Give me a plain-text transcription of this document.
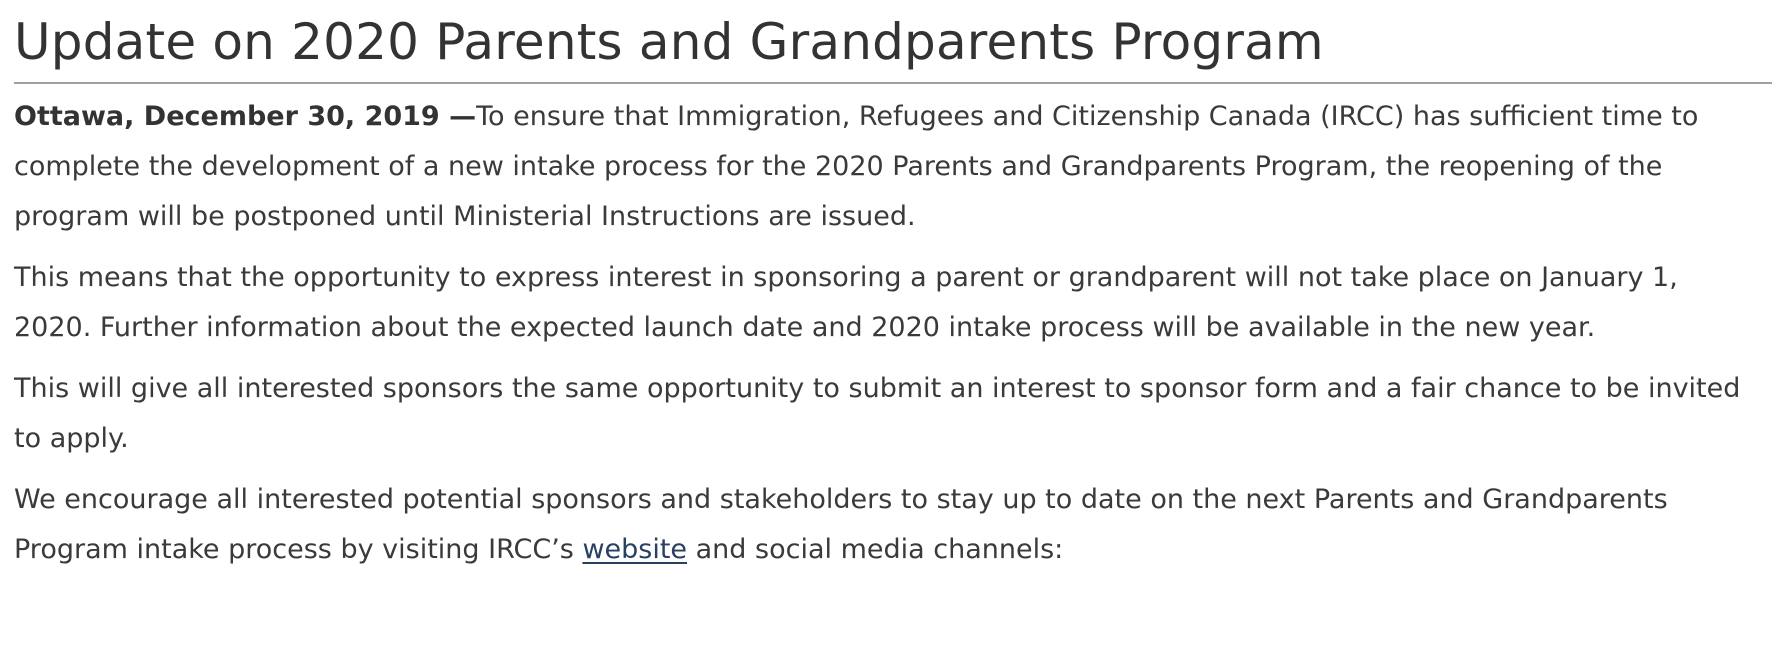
Update on 2020 Parents and Grandparents Program

Ottawa, December 30, 2019 —To ensure that Immigration, Refugees and Citizenship Canada (IRCC) has sufficient time to complete the development of a new intake process for the 2020 Parents and Grandparents Program, the reopening of the program will be postponed until Ministerial Instructions are issued.

This means that the opportunity to express interest in sponsoring a parent or grandparent will not take place on January 1, 2020. Further information about the expected launch date and 2020 intake process will be available in the new year.

This will give all interested sponsors the same opportunity to submit an interest to sponsor form and a fair chance to be invited to apply.

We encourage all interested potential sponsors and stakeholders to stay up to date on the next Parents and Grandparents Program intake process by visiting IRCC’s website and social media channels:
